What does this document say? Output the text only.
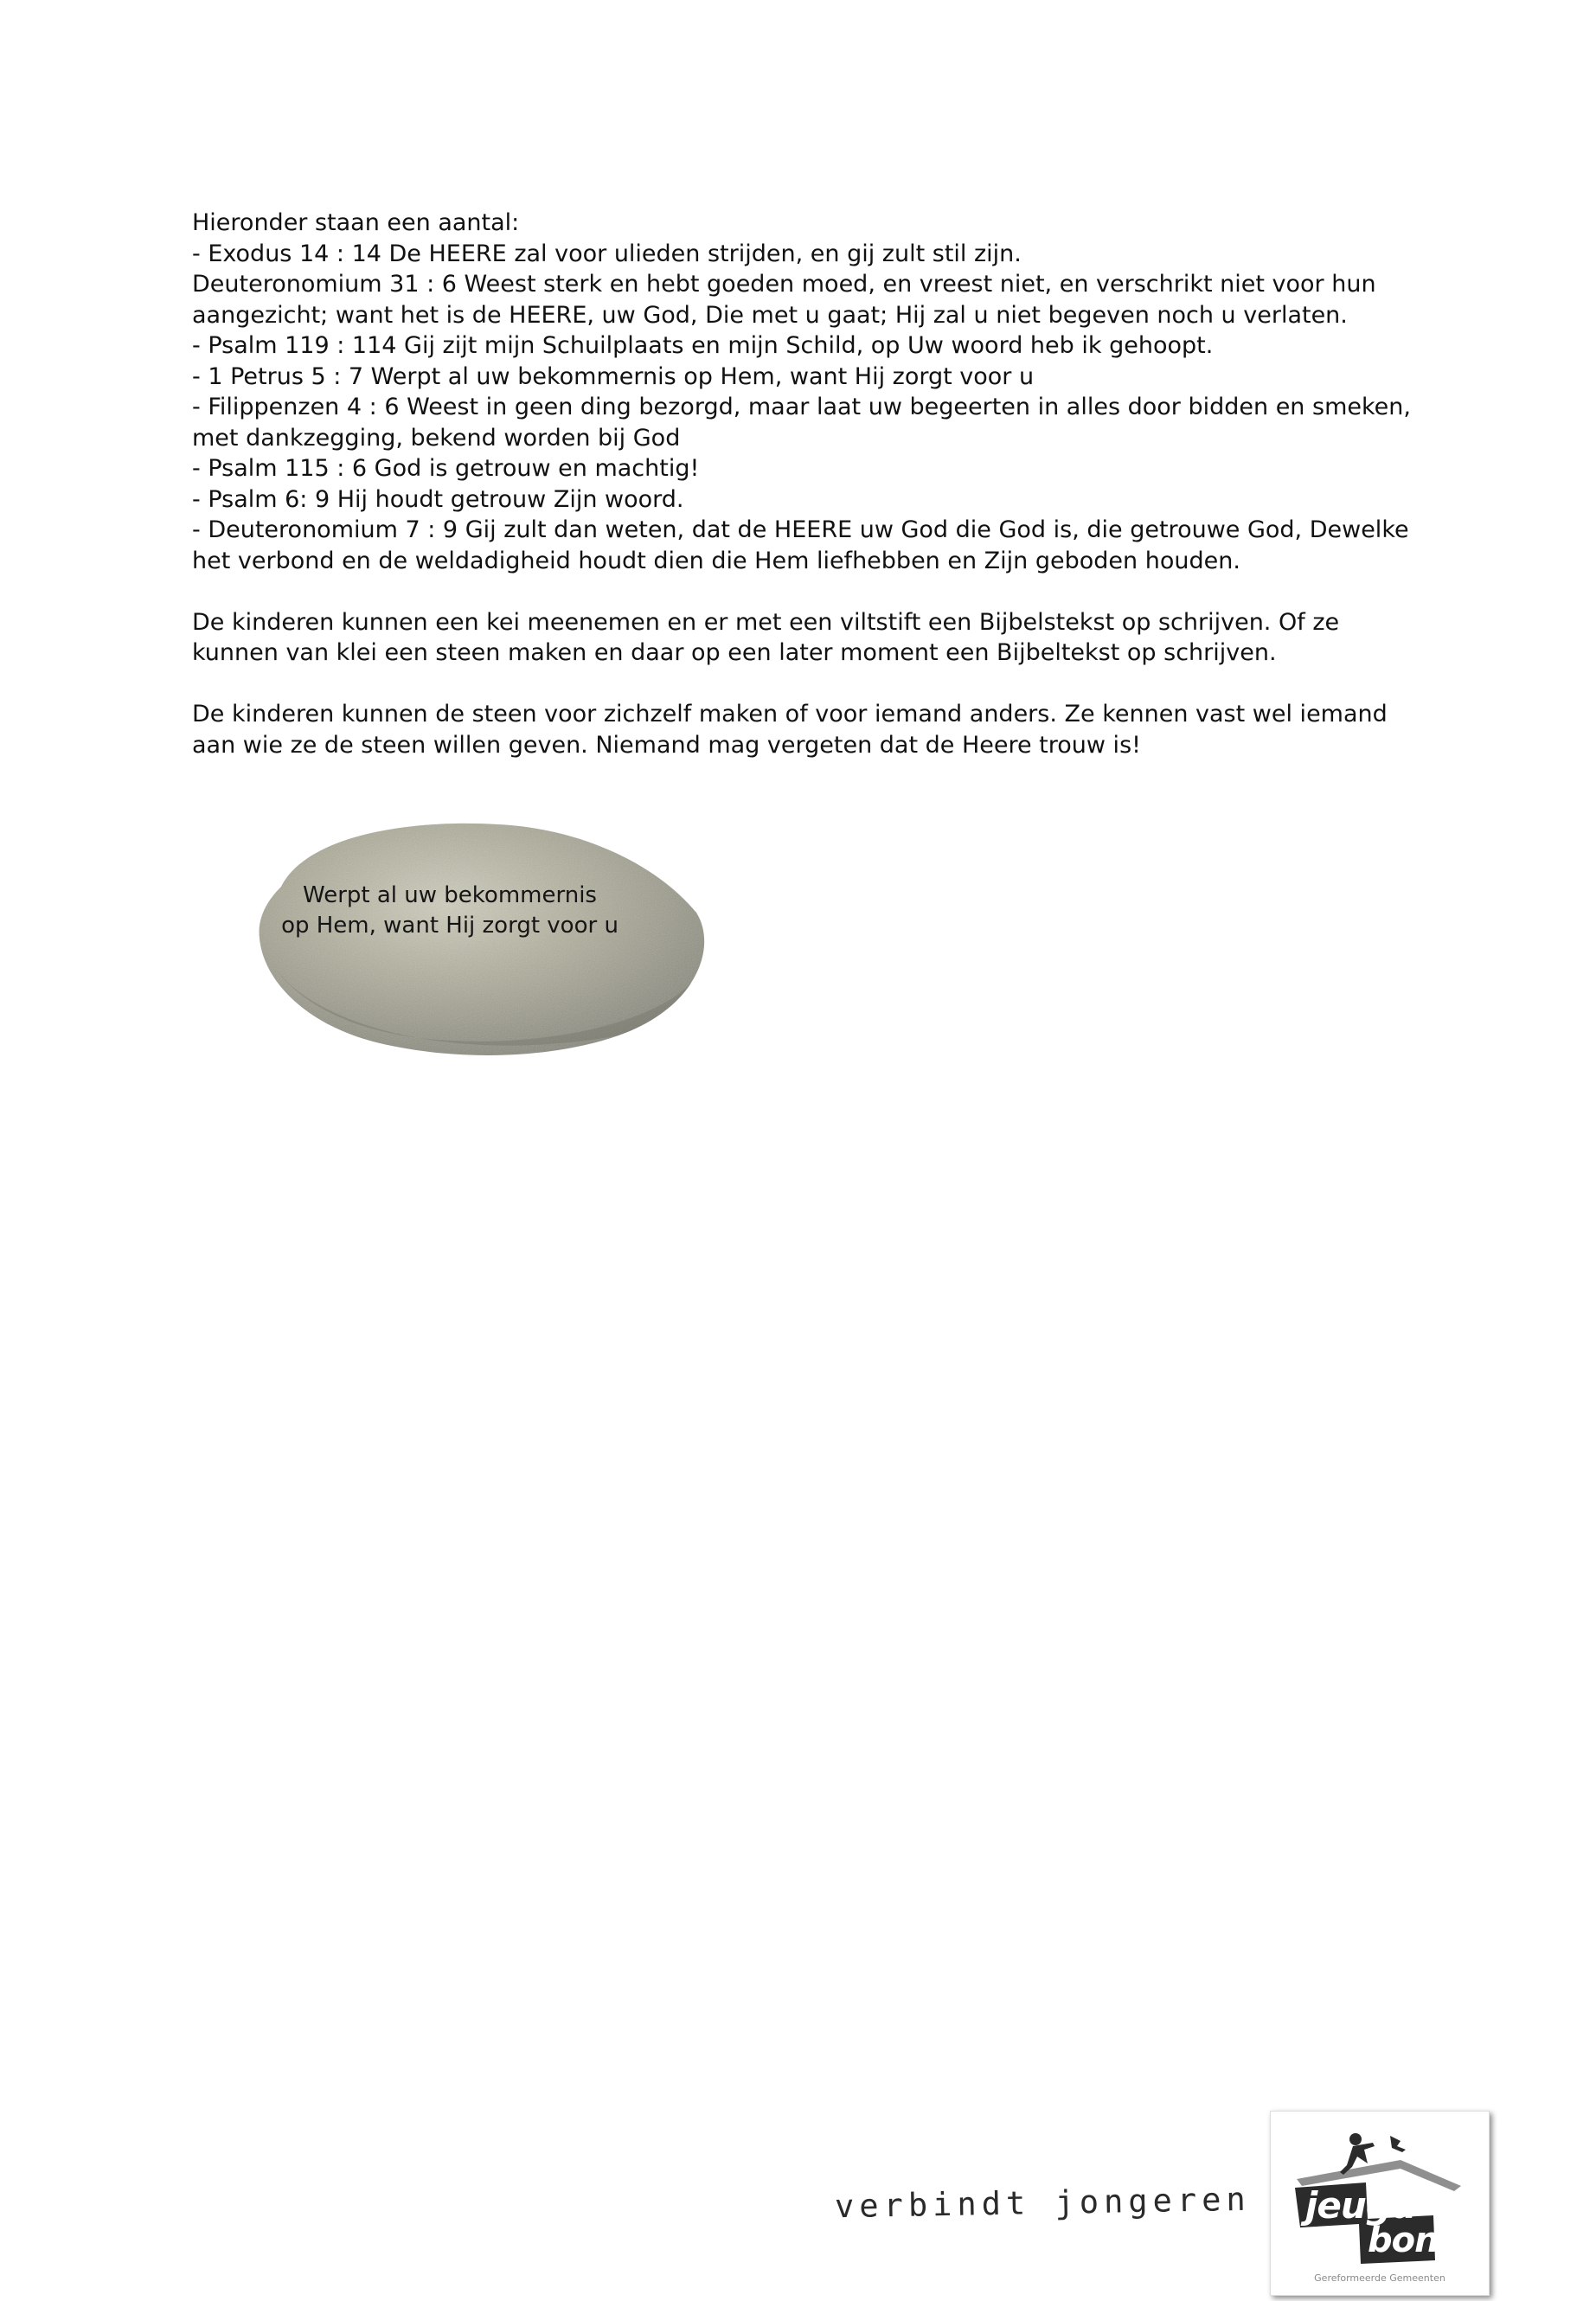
Hieronder staan een aantal:
- Exodus 14 : 14 De HEERE zal voor ulieden strijden, en gij zult stil zijn.
Deuteronomium 31 : 6 Weest sterk en hebt goeden moed, en vreest niet, en verschrikt niet voor hun
aangezicht; want het is de HEERE, uw God, Die met u gaat; Hij zal u niet begeven noch u verlaten.
- Psalm 119 : 114 Gij zijt mijn Schuilplaats en mijn Schild, op Uw woord heb ik gehoopt.
- 1 Petrus 5 : 7 Werpt al uw bekommernis op Hem, want Hij zorgt voor u
- Filippenzen 4 : 6 Weest in geen ding bezorgd, maar laat uw begeerten in alles door bidden en smeken,
met dankzegging, bekend worden bij God
- Psalm 115 : 6 God is getrouw en machtig!
- Psalm 6: 9 Hij houdt getrouw Zijn woord.
- Deuteronomium 7 : 9 Gij zult dan weten, dat de HEERE uw God die God is, die getrouwe God, Dewelke
het verbond en de weldadigheid houdt dien die Hem liefhebben en Zijn geboden houden.
De kinderen kunnen een kei meenemen en er met een viltstift een Bijbelstekst op schrijven. Of ze
kunnen van klei een steen maken en daar op een later moment een Bijbeltekst op schrijven.
De kinderen kunnen de steen voor zichzelf maken of voor iemand anders. Ze kennen vast wel iemand
aan wie ze de steen willen geven. Niemand mag vergeten dat de Heere trouw is!
Werpt al uw bekommernis
op Hem, want Hij zorgt voor u
verbindt jongeren jeugd
bond
Gereformeerde Gemeenten
